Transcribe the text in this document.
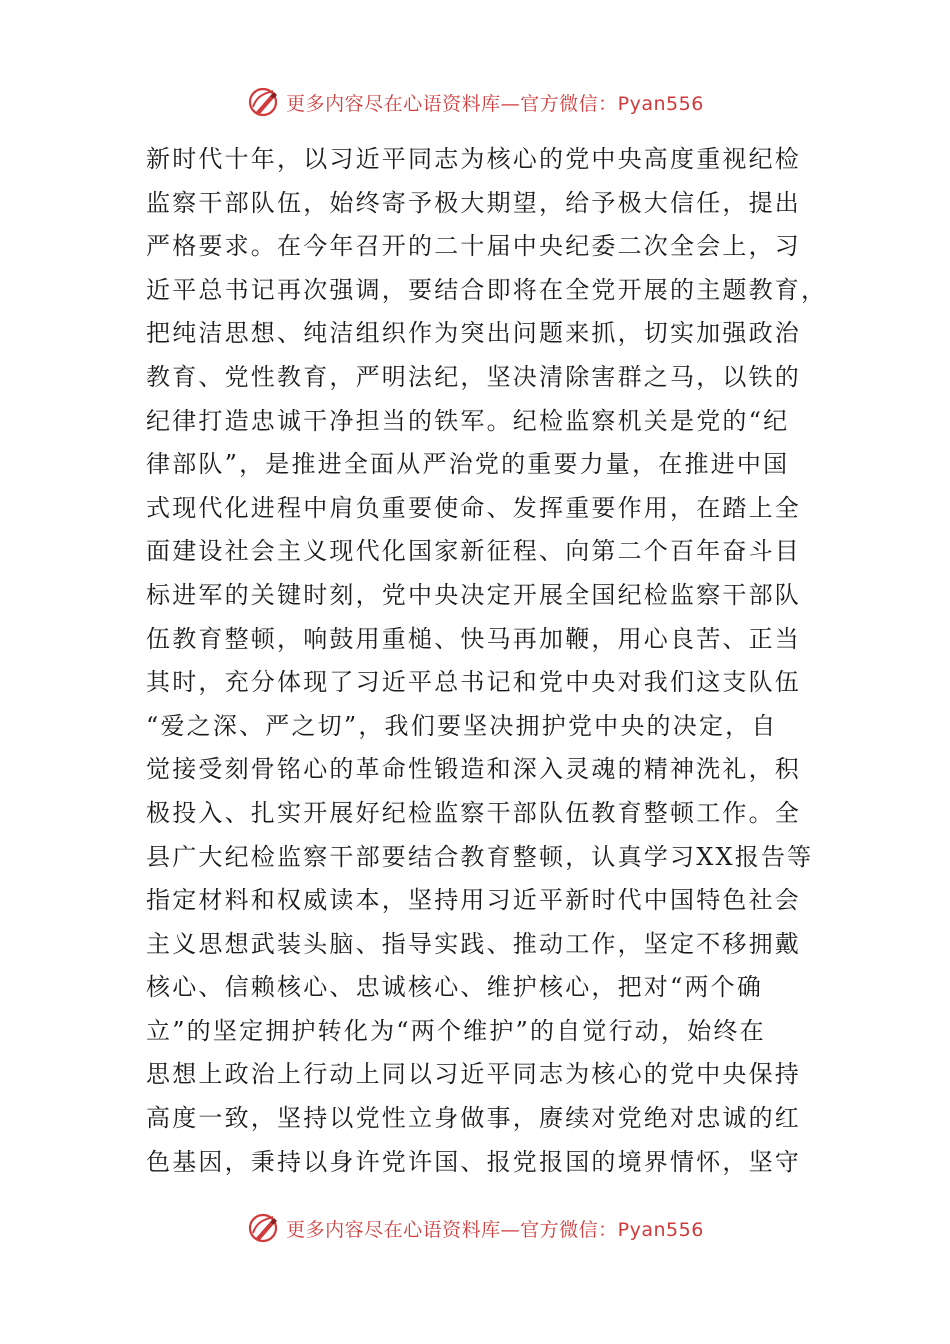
更多内容尽在心语资料库—官方微信：Pyan556
新时代十年，以习近平同志为核心的党中央高度重视纪检
监察干部队伍，始终寄予极大期望，给予极大信任，提出
严格要求。在今年召开的二十届中央纪委二次全会上，习
近平总书记再次强调，要结合即将在全党开展的主题教育，
把纯洁思想、纯洁组织作为突出问题来抓，切实加强政治
教育、党性教育，严明法纪，坚决清除害群之马，以铁的
纪律打造忠诚干净担当的铁军。纪检监察机关是党的“纪
律部队”，是推进全面从严治党的重要力量，在推进中国
式现代化进程中肩负重要使命、发挥重要作用，在踏上全
面建设社会主义现代化国家新征程、向第二个百年奋斗目
标进军的关键时刻，党中央决定开展全国纪检监察干部队
伍教育整顿，响鼓用重槌、快马再加鞭，用心良苦、正当
其时，充分体现了习近平总书记和党中央对我们这支队伍
“爱之深、严之切”，我们要坚决拥护党中央的决定，自
觉接受刻骨铭心的革命性锻造和深入灵魂的精神洗礼，积
极投入、扎实开展好纪检监察干部队伍教育整顿工作。全
县广大纪检监察干部要结合教育整顿，认真学习XX报告等
指定材料和权威读本，坚持用习近平新时代中国特色社会
主义思想武装头脑、指导实践、推动工作，坚定不移拥戴
核心、信赖核心、忠诚核心、维护核心，把对“两个确
立”的坚定拥护转化为“两个维护”的自觉行动，始终在
思想上政治上行动上同以习近平同志为核心的党中央保持
高度一致，坚持以党性立身做事，赓续对党绝对忠诚的红
色基因，秉持以身许党许国、报党报国的境界情怀，坚守
更多内容尽在心语资料库—官方微信：Pyan556
